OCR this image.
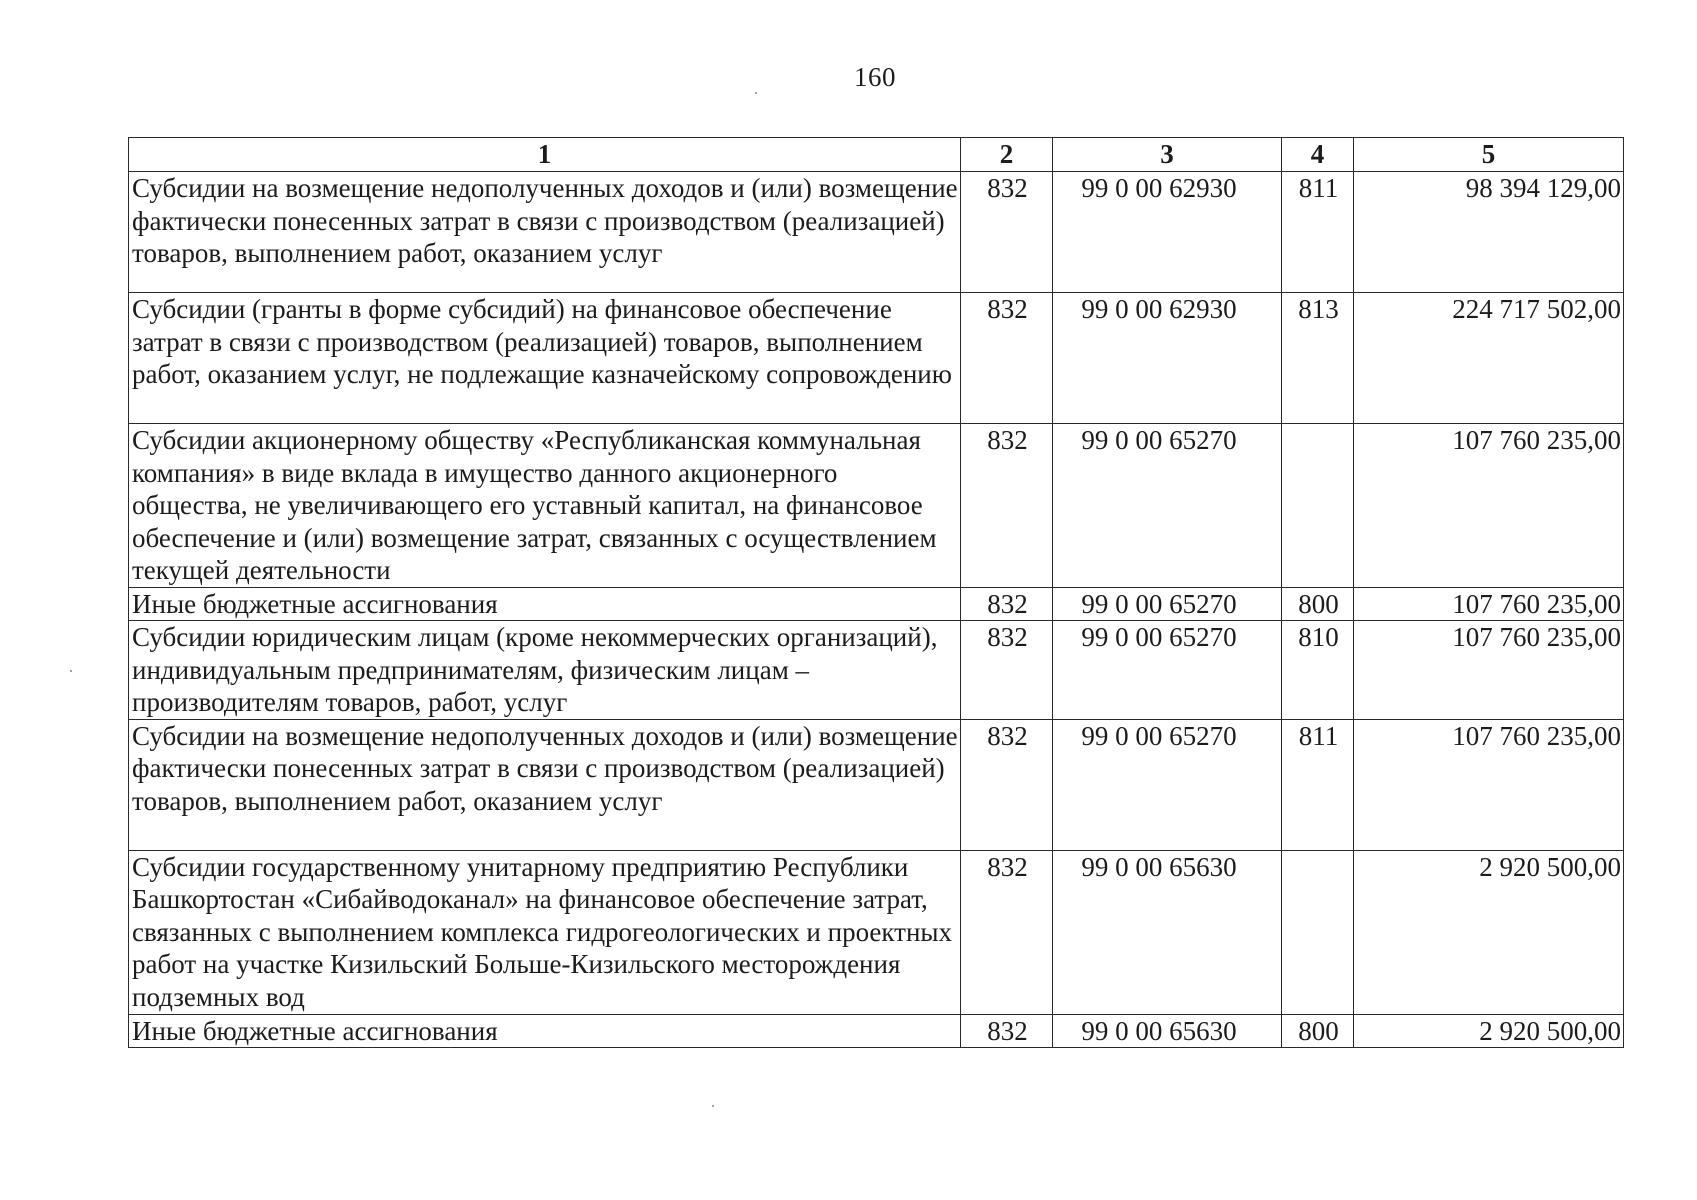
160
1	2	3	4	5
Субсидии на возмещение недополученных доходов и (или) возмещение фактически понесенных затрат в связи с производством (реализацией) товаров, выполнением работ, оказанием услуг	832	99 0 00 62930	811	98 394 129,00
Субсидии (гранты в форме субсидий) на финансовое обеспечение затрат в связи с производством (реализацией) товаров, выполнением работ, оказанием услуг, не подлежащие казначейскому сопровождению	832	99 0 00 62930	813	224 717 502,00
Субсидии акционерному обществу «Республиканская коммунальная компания» в виде вклада в имущество данного акционерного общества, не увеличивающего его уставный капитал, на финансовое обеспечение и (или) возмещение затрат, связанных с осуществлением текущей деятельности	832	99 0 00 65270		107 760 235,00
Иные бюджетные ассигнования	832	99 0 00 65270	800	107 760 235,00
Субсидии юридическим лицам (кроме некоммерческих организаций), индивидуальным предпринимателям, физическим лицам – производителям товаров, работ, услуг	832	99 0 00 65270	810	107 760 235,00
Субсидии на возмещение недополученных доходов и (или) возмещение фактически понесенных затрат в связи с производством (реализацией) товаров, выполнением работ, оказанием услуг	832	99 0 00 65270	811	107 760 235,00
Субсидии государственному унитарному предприятию Республики Башкортостан «Сибайводоканал» на финансовое обеспечение затрат, связанных с выполнением комплекса гидрогеологических и проектных работ на участке Кизильский Больше-Кизильского месторождения подземных вод	832	99 0 00 65630		2 920 500,00
Иные бюджетные ассигнования	832	99 0 00 65630	800	2 920 500,00
